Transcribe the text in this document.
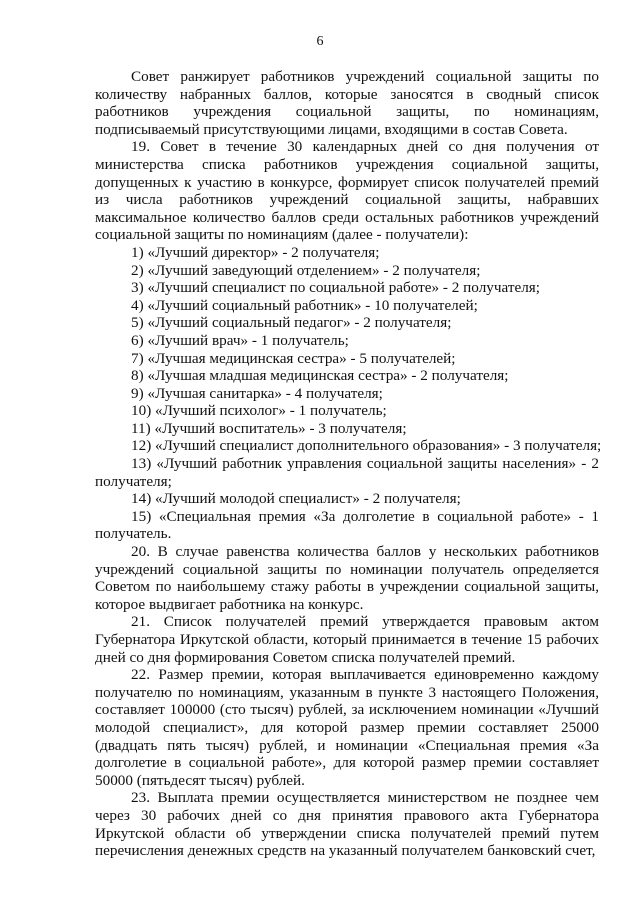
6

Совет ранжирует работников учреждений социальной защиты по количеству набранных баллов, которые заносятся в сводный список работников учреждения социальной защиты, по номинациям, подписываемый присутствующими лицами, входящими в состав Совета.

19. Совет в течение 30 календарных дней со дня получения от министерства списка работников учреждения социальной защиты, допущенных к участию в конкурсе, формирует список получателей премий из числа работников учреждений социальной защиты, набравших максимальное количество баллов среди остальных работников учреждений социальной защиты по номинациям (далее - получатели):

1) «Лучший директор» - 2 получателя;

2) «Лучший заведующий отделением» - 2 получателя;

3) «Лучший специалист по социальной работе» - 2 получателя;

4) «Лучший социальный работник» - 10 получателей;

5) «Лучший социальный педагог» - 2 получателя;

6) «Лучший врач» - 1 получатель;

7) «Лучшая медицинская сестра» - 5 получателей;

8) «Лучшая младшая медицинская сестра» - 2 получателя;

9) «Лучшая санитарка» - 4 получателя;

10) «Лучший психолог» - 1 получатель;

11) «Лучший воспитатель» - 3 получателя;

12) «Лучший специалист дополнительного образования» - 3 получателя;

13) «Лучший работник управления социальной защиты населения» - 2 получателя;

14) «Лучший молодой специалист» - 2 получателя;

15) «Специальная премия «За долголетие в социальной работе» - 1 получатель.

20. В случае равенства количества баллов у нескольких работников учреждений социальной защиты по номинации получатель определяется Советом по наибольшему стажу работы в учреждении социальной защиты, которое выдвигает работника на конкурс.

21. Список получателей премий утверждается правовым актом Губернатора Иркутской области, который принимается в течение 15 рабочих дней со дня формирования Советом списка получателей премий.

22. Размер премии, которая выплачивается единовременно каждому получателю по номинациям, указанным в пункте 3 настоящего Положения, составляет 100000 (сто тысяч) рублей, за исключением номинации «Лучший молодой специалист», для которой размер премии составляет 25000 (двадцать пять тысяч) рублей, и номинации «Специальная премия «За долголетие в социальной работе», для которой размер премии составляет 50000 (пятьдесят тысяч) рублей.

23. Выплата премии осуществляется министерством не позднее чем через 30 рабочих дней со дня принятия правового акта Губернатора Иркутской области об утверждении списка получателей премий путем перечисления денежных средств на указанный получателем банковский счет,
